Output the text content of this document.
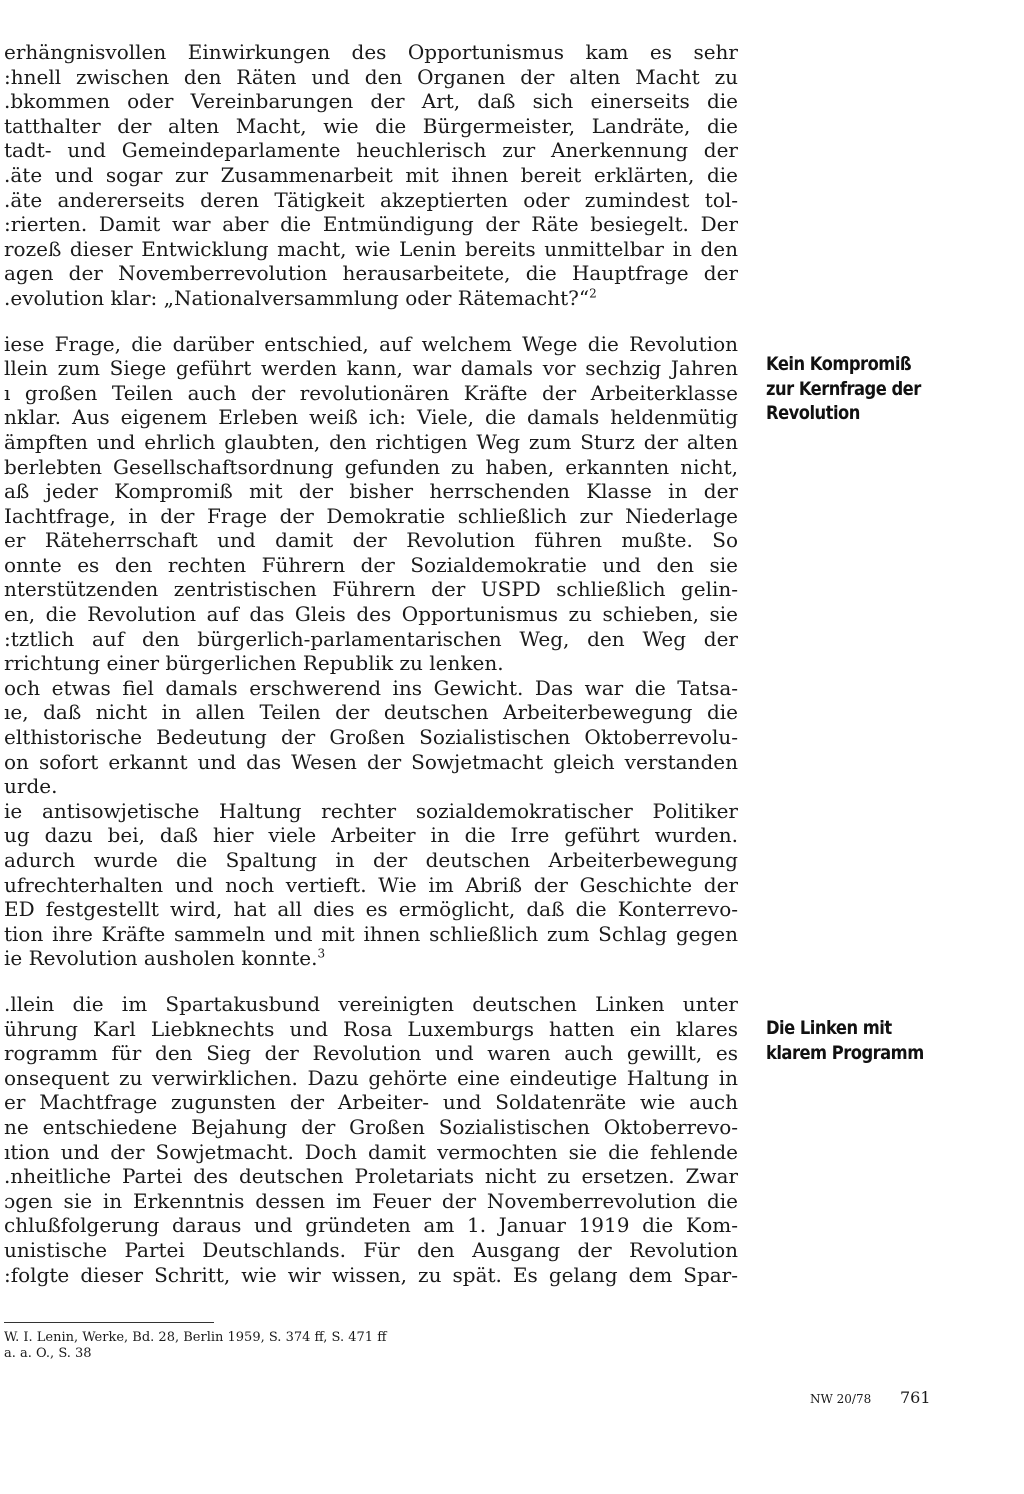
erhängnisvollen Einwirkungen des Opportunismus kam es sehr
:hnell zwischen den Räten und den Organen der alten Macht zu
.bkommen oder Vereinbarungen der Art, daß sich einerseits die
tatthalter der alten Macht, wie die Bürgermeister, Landräte, die
tadt- und Gemeindeparlamente heuchlerisch zur Anerkennung der
.äte und sogar zur Zusammenarbeit mit ihnen bereit erklärten, die
.äte andererseits deren Tätigkeit akzeptierten oder zumindest tol-
:rierten. Damit war aber die Entmündigung der Räte besiegelt. Der
rozeß dieser Entwicklung macht, wie Lenin bereits unmittelbar in den
agen der Novemberrevolution herausarbeitete, die Hauptfrage der
.evolution klar: „Nationalversammlung oder Rätemacht?“$^2$
iese Frage, die darüber entschied, auf welchem Wege die Revolution
llein zum Siege geführt werden kann, war damals vor sechzig Jahren
ı großen Teilen auch der revolutionären Kräfte der Arbeiterklasse
nklar. Aus eigenem Erleben weiß ich: Viele, die damals heldenmütig
ämpften und ehrlich glaubten, den richtigen Weg zum Sturz der alten
berlebten Gesellschaftsordnung gefunden zu haben, erkannten nicht,
aß jeder Kompromiß mit der bisher herrschenden Klasse in der
Iachtfrage, in der Frage der Demokratie schließlich zur Niederlage
er Räteherrschaft und damit der Revolution führen mußte. So
onnte es den rechten Führern der Sozialdemokratie und den sie
nterstützenden zentristischen Führern der USPD schließlich gelin-
en, die Revolution auf das Gleis des Opportunismus zu schieben, sie
:tztlich auf den bürgerlich-parlamentarischen Weg, den Weg der
rrichtung einer bürgerlichen Republik zu lenken.
och etwas fiel damals erschwerend ins Gewicht. Das war die Tatsa-
ıe, daß nicht in allen Teilen der deutschen Arbeiterbewegung die
elthistorische Bedeutung der Großen Sozialistischen Oktoberrevolu-
on sofort erkannt und das Wesen der Sowjetmacht gleich verstanden
urde.
ie antisowjetische Haltung rechter sozialdemokratischer Politiker
ug dazu bei, daß hier viele Arbeiter in die Irre geführt wurden.
adurch wurde die Spaltung in der deutschen Arbeiterbewegung
ufrechterhalten und noch vertieft. Wie im Abriß der Geschichte der
ED festgestellt wird, hat all dies es ermöglicht, daß die Konterrevo-
tion ihre Kräfte sammeln und mit ihnen schließlich zum Schlag gegen
ie Revolution ausholen konnte.$^3$
.llein die im Spartakusbund vereinigten deutschen Linken unter
ührung Karl Liebknechts und Rosa Luxemburgs hatten ein klares
rogramm für den Sieg der Revolution und waren auch gewillt, es
onsequent zu verwirklichen. Dazu gehörte eine eindeutige Haltung in
er Machtfrage zugunsten der Arbeiter- und Soldatenräte wie auch
ne entschiedene Bejahung der Großen Sozialistischen Oktoberrevo-
ıtion und der Sowjetmacht. Doch damit vermochten sie die fehlende
.nheitliche Partei des deutschen Proletariats nicht zu ersetzen. Zwar
ɔgen sie in Erkenntnis dessen im Feuer der Novemberrevolution die
chlußfolgerung daraus und gründeten am 1. Januar 1919 die Kom-
unistische Partei Deutschlands. Für den Ausgang der Revolution
:folgte dieser Schritt, wie wir wissen, zu spät. Es gelang dem Spar-
Kein Kompromiß
zur Kernfrage der
Revolution
Die Linken mit
klarem Programm
W. I. Lenin, Werke, Bd. 28, Berlin 1959, S. 374 ff, S. 471 ff
a. a. O., S. 38
NW 20/78 761
